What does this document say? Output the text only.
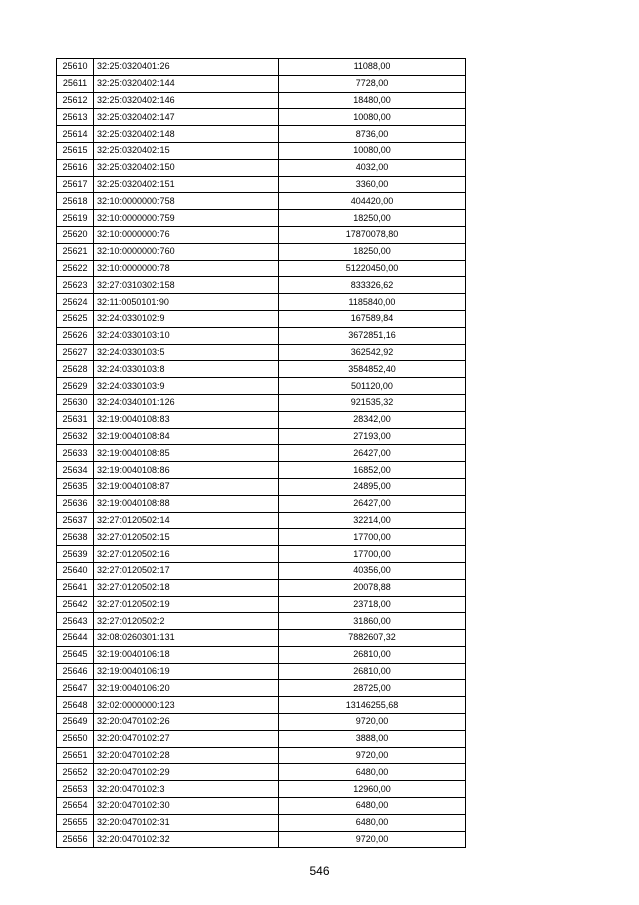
25610	32:25:0320401:26	11088,00
25611	32:25:0320402:144	7728,00
25612	32:25:0320402:146	18480,00
25613	32:25:0320402:147	10080,00
25614	32:25:0320402:148	8736,00
25615	32:25:0320402:15	10080,00
25616	32:25:0320402:150	4032,00
25617	32:25:0320402:151	3360,00
25618	32:10:0000000:758	404420,00
25619	32:10:0000000:759	18250,00
25620	32:10:0000000:76	17870078,80
25621	32:10:0000000:760	18250,00
25622	32:10:0000000:78	51220450,00
25623	32:27:0310302:158	833326,62
25624	32:11:0050101:90	1185840,00
25625	32:24:0330102:9	167589,84
25626	32:24:0330103:10	3672851,16
25627	32:24:0330103:5	362542,92
25628	32:24:0330103:8	3584852,40
25629	32:24:0330103:9	501120,00
25630	32:24:0340101:126	921535,32
25631	32:19:0040108:83	28342,00
25632	32:19:0040108:84	27193,00
25633	32:19:0040108:85	26427,00
25634	32:19:0040108:86	16852,00
25635	32:19:0040108:87	24895,00
25636	32:19:0040108:88	26427,00
25637	32:27:0120502:14	32214,00
25638	32:27:0120502:15	17700,00
25639	32:27:0120502:16	17700,00
25640	32:27:0120502:17	40356,00
25641	32:27:0120502:18	20078,88
25642	32:27:0120502:19	23718,00
25643	32:27:0120502:2	31860,00
25644	32:08:0260301:131	7882607,32
25645	32:19:0040106:18	26810,00
25646	32:19:0040106:19	26810,00
25647	32:19:0040106:20	28725,00
25648	32:02:0000000:123	13146255,68
25649	32:20:0470102:26	9720,00
25650	32:20:0470102:27	3888,00
25651	32:20:0470102:28	9720,00
25652	32:20:0470102:29	6480,00
25653	32:20:0470102:3	12960,00
25654	32:20:0470102:30	6480,00
25655	32:20:0470102:31	6480,00
25656	32:20:0470102:32	9720,00
546
